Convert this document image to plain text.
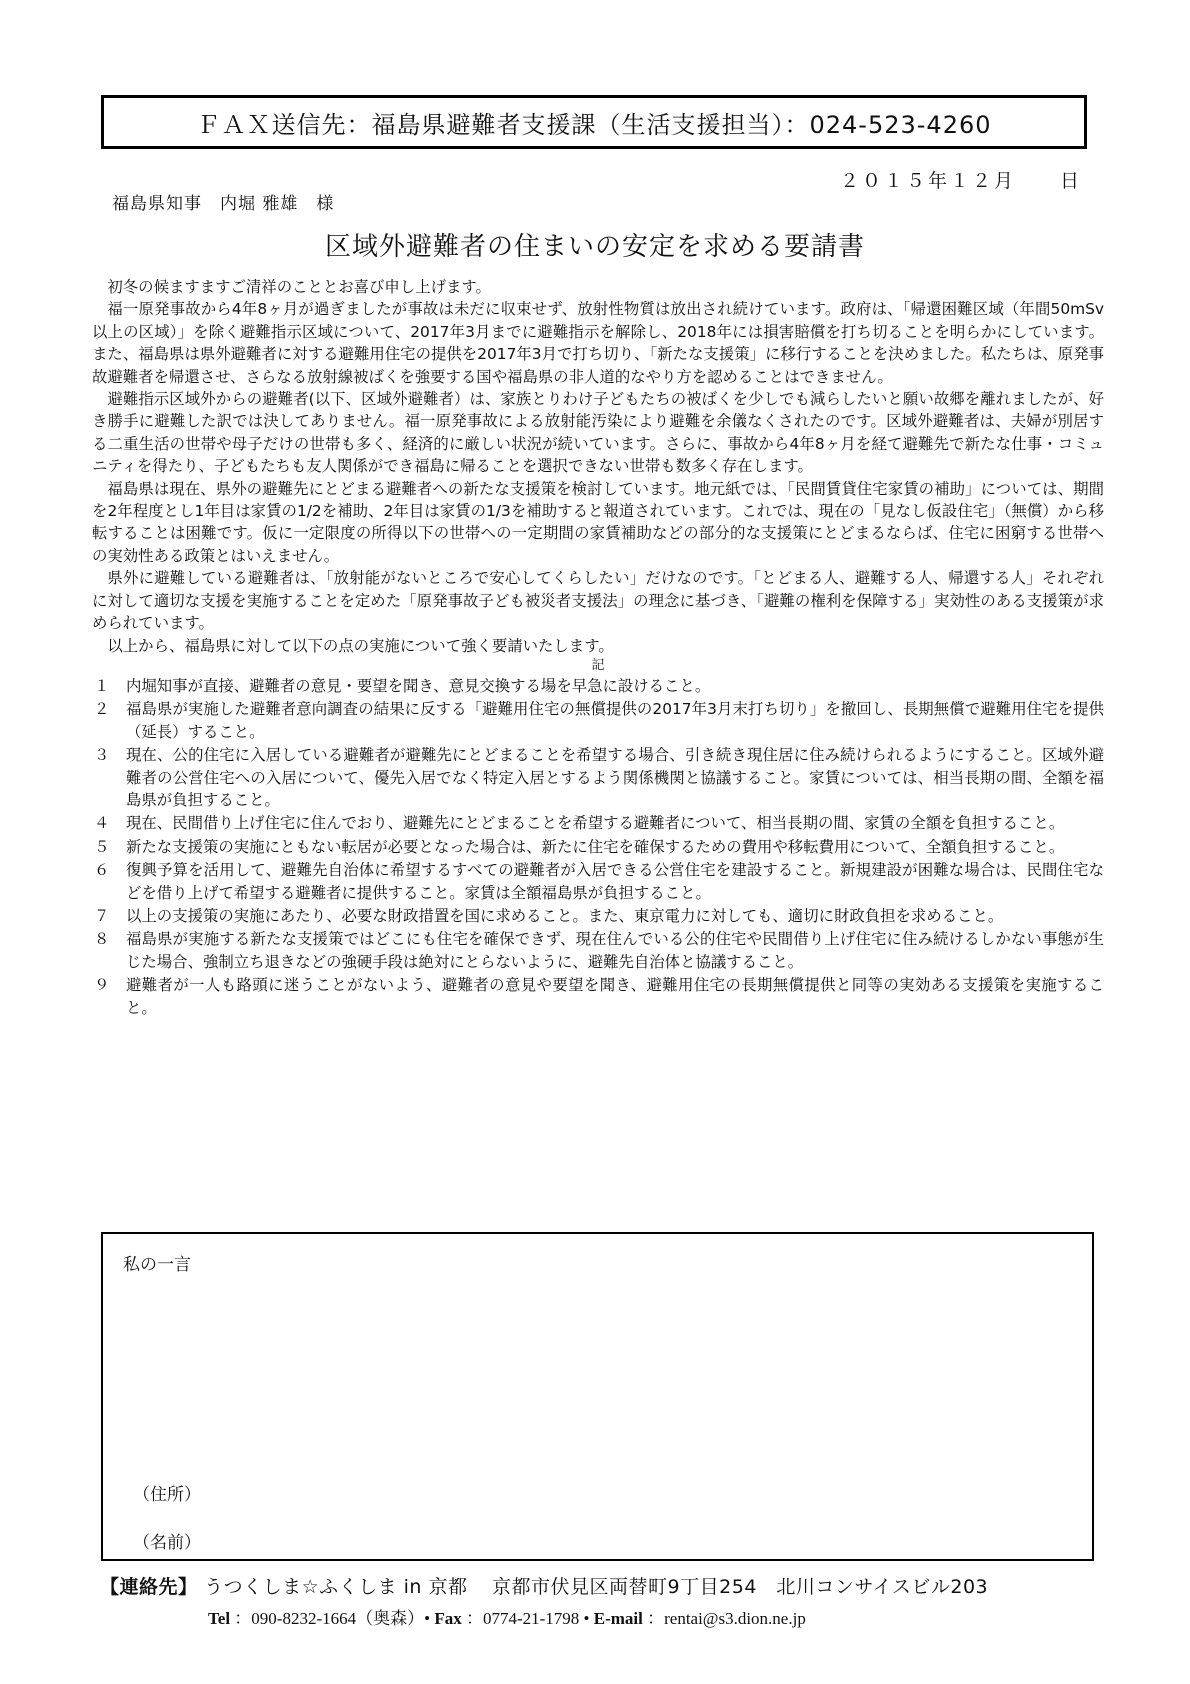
ＦＡＸ送信先：福島県避難者支援課（生活支援担当）：024-523-4260
２０１５年１２月　　日
福島県知事　内堀 雅雄　様
区域外避難者の住まいの安定を求める要請書

初冬の候ますますご清祥のこととお喜び申し上げます。

福一原発事故から4年8ヶ月が過ぎましたが事故は未だに収束せず、放射性物質は放出され続けています。政府は、「帰還困難区域（年間50mSv以上の区域）」を除く避難指示区域について、2017年3月までに避難指示を解除し、2018年には損害賠償を打ち切ることを明らかにしています。また、福島県は県外避難者に対する避難用住宅の提供を2017年3月で打ち切り、「新たな支援策」に移行することを決めました。私たちは、原発事故避難者を帰還させ、さらなる放射線被ばくを強要する国や福島県の非人道的なやり方を認めることはできません。

避難指示区域外からの避難者(以下、区域外避難者）は、家族とりわけ子どもたちの被ばくを少しでも減らしたいと願い故郷を離れましたが、好き勝手に避難した訳では決してありません。福一原発事故による放射能汚染により避難を余儀なくされたのです。区域外避難者は、夫婦が別居する二重生活の世帯や母子だけの世帯も多く、経済的に厳しい状況が続いています。さらに、事故から4年8ヶ月を経て避難先で新たな仕事・コミュニティを得たり、子どもたちも友人関係ができ福島に帰ることを選択できない世帯も数多く存在します。

福島県は現在、県外の避難先にとどまる避難者への新たな支援策を検討しています。地元紙では、「民間賃貸住宅家賃の補助」については、期間を2年程度とし1年目は家賃の1/2を補助、2年目は家賃の1/3を補助すると報道されています。これでは、現在の「見なし仮設住宅」（無償）から移転することは困難です。仮に一定限度の所得以下の世帯への一定期間の家賃補助などの部分的な支援策にとどまるならば、住宅に困窮する世帯への実効性ある政策とはいえません。

県外に避難している避難者は、「放射能がないところで安心してくらしたい」だけなのです。「とどまる人、避難する人、帰還する人」それぞれに対して適切な支援を実施することを定めた「原発事故子ども被災者支援法」の理念に基づき、「避難の権利を保障する」実効性のある支援策が求められています。

以上から、福島県に対して以下の点の実施について強く要請いたします。

記
１	内堀知事が直接、避難者の意見・要望を聞き、意見交換する場を早急に設けること。
２	福島県が実施した避難者意向調査の結果に反する「避難用住宅の無償提供の2017年3月末打ち切り」を撤回し、長期無償で避難用住宅を提供（延長）すること。
３	現在、公的住宅に入居している避難者が避難先にとどまることを希望する場合、引き続き現住居に住み続けられるようにすること。区域外避難者の公営住宅への入居について、優先入居でなく特定入居とするよう関係機関と協議すること。家賃については、相当長期の間、全額を福島県が負担すること。
４	現在、民間借り上げ住宅に住んでおり、避難先にとどまることを希望する避難者について、相当長期の間、家賃の全額を負担すること。
５	新たな支援策の実施にともない転居が必要となった場合は、新たに住宅を確保するための費用や移転費用について、全額負担すること。
６	復興予算を活用して、避難先自治体に希望するすべての避難者が入居できる公営住宅を建設すること。新規建設が困難な場合は、民間住宅などを借り上げて希望する避難者に提供すること。家賃は全額福島県が負担すること。
７	以上の支援策の実施にあたり、必要な財政措置を国に求めること。また、東京電力に対しても、適切に財政負担を求めること。
８	福島県が実施する新たな支援策ではどこにも住宅を確保できず、現在住んでいる公的住宅や民間借り上げ住宅に住み続けるしかない事態が生じた場合、強制立ち退きなどの強硬手段は絶対にとらないように、避難先自治体と協議すること。
９	避難者が一人も路頭に迷うことがないよう、避難者の意見や要望を聞き、避難用住宅の長期無償提供と同等の実効ある支援策を実施すること。
私の一言
（住所）
（名前）
【連絡先】 うつくしま☆ふくしま in 京都 京都市伏見区両替町9丁目254　北川コンサイスビル203
Tel ：090-8232-1664（奥森）• Fax ：0774-21-1798 • E-mail ：rentai@s3.dion.ne.jp
